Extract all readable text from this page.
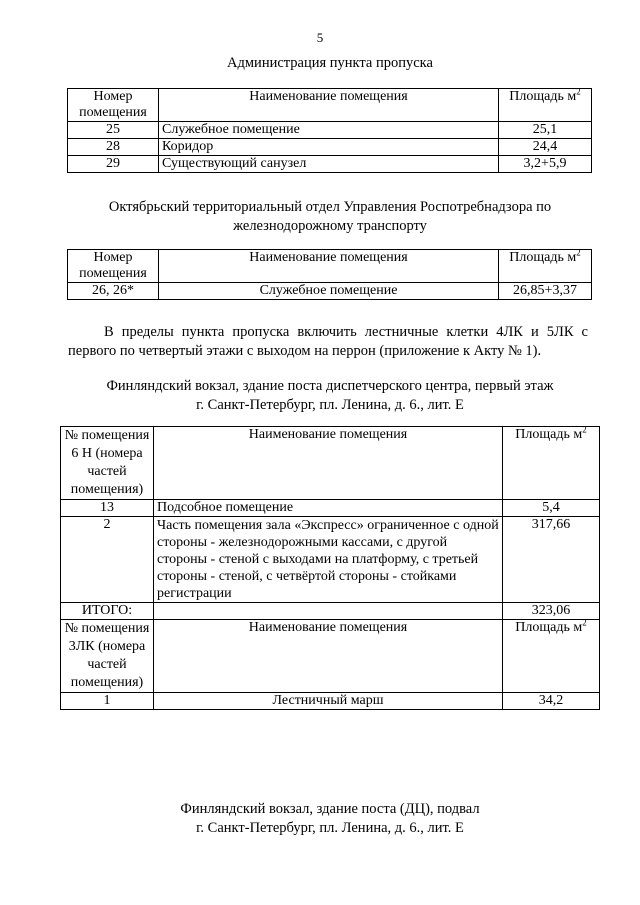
5
Администрация пункта пропуска
Номер помещения	Наименование помещения	Площадь $м^2$
25	Служебное помещение	25,1
28	Коридор	24,4
29	Существующий санузел	3,2+5,9
Октябрьский территориальный отдел Управления Роспотребнадзора по железнодорожному транспорту
Номер помещения	Наименование помещения	Площадь $м^2$
26, 26*	Служебное помещение	26,85+3,37
В пределы пункта пропуска включить лестничные клетки 4ЛК и 5ЛК с первого по четвертый этажи с выходом на перрон (приложение к Акту № 1).
Финляндский вокзал, здание поста диспетчерского центра, первый этаж
г. Санкт-Петербург, пл. Ленина, д. 6., лит. Е
№ помещения 6 Н (номера частей помещения)	Наименование помещения	Площадь $м^2$
13	Подсобное помещение	5,4
2	Часть помещения зала «Экспресс» ограниченное с одной стороны - железнодорожными кассами, с другой стороны - стеной с выходами на платформу, с третьей стороны - стеной, с четвёртой стороны - стойками регистрации	317,66
ИТОГО:		323,06
№ помещения 3ЛК (номера частей помещения)	Наименование помещения	Площадь $м^2$
1	Лестничный марш	34,2
Финляндский вокзал, здание поста (ДЦ), подвал
г. Санкт-Петербург, пл. Ленина, д. 6., лит. Е
